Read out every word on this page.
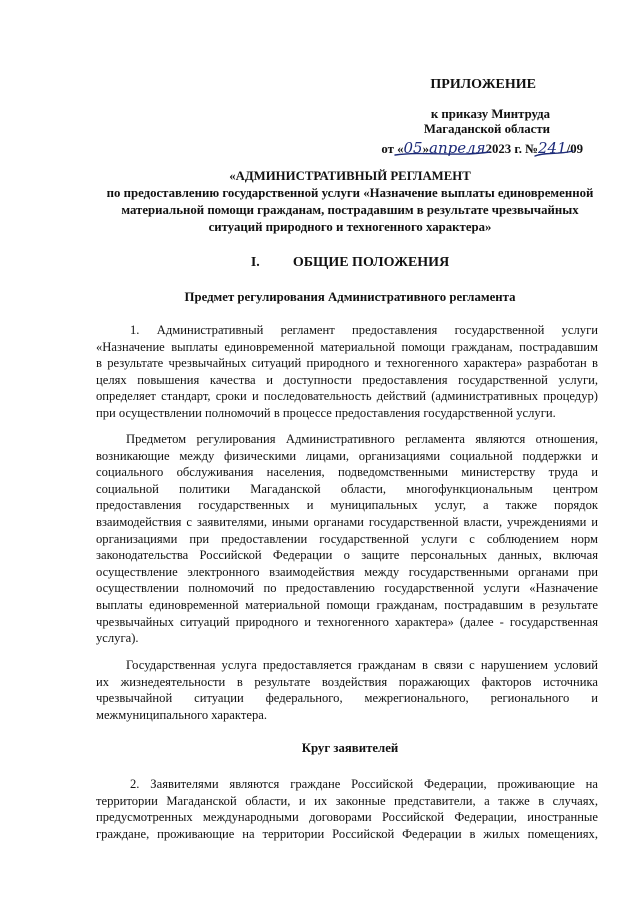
ПРИЛОЖЕНИЕ

к приказу Минтруда

Магаданской области

от «05»апреля2023 г. №241/09

«АДМИНИСТРАТИВНЫЙ РЕГЛАМЕНТ

по предоставлению государственной услуги «Назначение выплаты единовременной

материальной помощи гражданам, пострадавшим в результате чрезвычайных

ситуаций природного и техногенного характера»

I. ОБЩИЕ ПОЛОЖЕНИЯ

Предмет регулирования Административного регламента

1. Административный регламент предоставления государственной услуги
«Назначение выплаты единовременной материальной помощи гражданам, пострадавшим
в результате чрезвычайных ситуаций природного и техногенного характера» разработан в
целях повышения качества и доступности предоставления государственной услуги,
определяет стандарт, сроки и последовательность действий (административных процедур)
при осуществлении полномочий в процессе предоставления государственной услуги.
Предметом регулирования Административного регламента являются отношения,
возникающие между физическими лицами, организациями социальной поддержки и
социального обслуживания населения, подведомственными министерству труда и
социальной политики Магаданской области, многофункциональным центром
предоставления государственных и муниципальных услуг, а также порядок
взаимодействия с заявителями, иными органами государственной власти, учреждениями и
организациями при предоставлении государственной услуги с соблюдением норм
законодательства Российской Федерации о защите персональных данных, включая
осуществление электронного взаимодействия между государственными органами при
осуществлении полномочий по предоставлению государственной услуги «Назначение
выплаты единовременной материальной помощи гражданам, пострадавшим в результате
чрезвычайных ситуаций природного и техногенного характера» (далее - государственная
услуга).
Государственная услуга предоставляется гражданам в связи с нарушением условий
их жизнедеятельности в результате воздействия поражающих факторов источника
чрезвычайной ситуации федерального, межрегионального, регионального и
межмуниципального характера.

Круг заявителей

2. Заявителями являются граждане Российской Федерации, проживающие на
территории Магаданской области, и их законные представители, а также в случаях,
предусмотренных международными договорами Российской Федерации, иностранные
граждане, проживающие на территории Российской Федерации в жилых помещениях,
